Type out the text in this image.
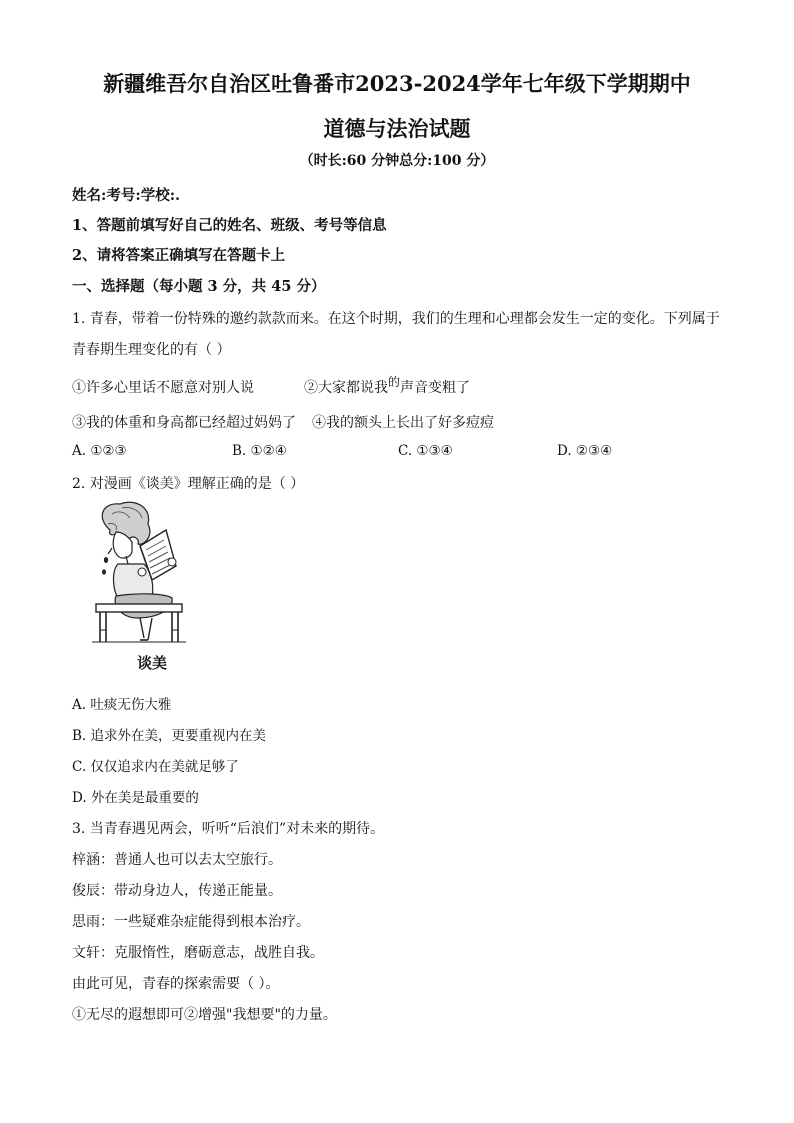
新疆维吾尔自治区吐鲁番市2023-2024学年七年级下学期期中
道德与法治试题
（时长:60 分钟总分:100 分）
姓名:考号:学校:.
1、答题前填写好自己的姓名、班级、考号等信息
2、请将答案正确填写在答题卡上
一、选择题（每小题 3 分，共 45 分）
1. 青春，带着一份特殊的邀约款款而来。在这个时期，我们的生理和心理都会发生一定的变化。下列属于
青春期生理变化的有（ ）
①许多心里话不愿意对别人说	②大家都说我的声音变粗了
③我的体重和身高都已经超过妈妈了 ④我的额头上长出了好多痘痘
A. ①②③	B. ①②④	C. ①③④	D. ②③④
2. 对漫画《谈美》理解正确的是（ ）
谈美
A. 吐痰无伤大雅
B. 追求外在美，更要重视内在美
C. 仅仅追求内在美就足够了
D. 外在美是最重要的
3. 当青春遇见两会，听听“后浪们”对未来的期待。
梓涵：普通人也可以去太空旅行。
俊辰：带动身边人，传递正能量。
思雨：一些疑难杂症能得到根本治疗。
文轩：克服惰性，磨砺意志，战胜自我。
由此可见，青春的探索需要（ ）。
①无尽的遐想即可②增强"我想要"的力量。
